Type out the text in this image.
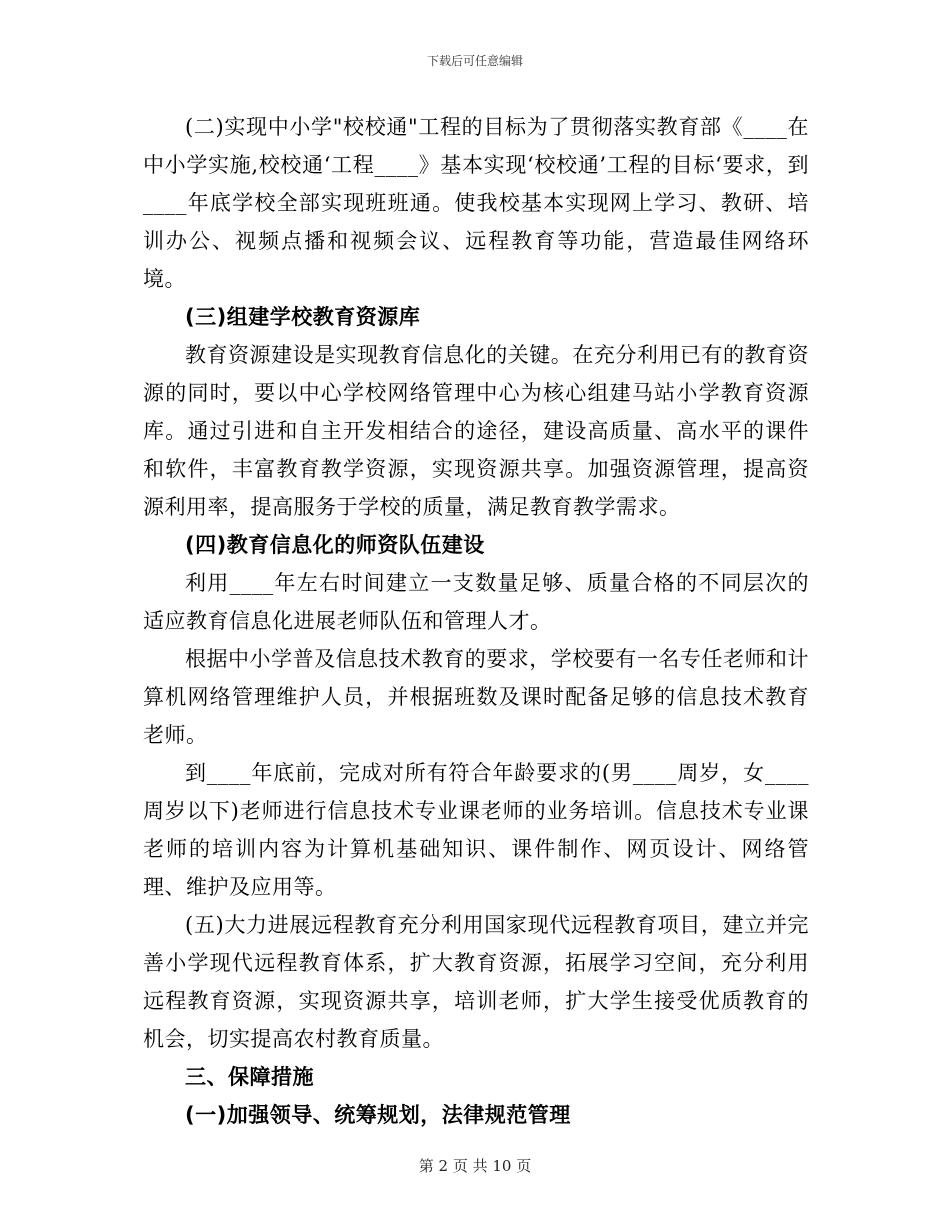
下载后可任意编辑

(二)实现中小学"校校通"工程的目标为了贯彻落实教育部《____在中小学实施,校校通‘工程____》基本实现‘校校通’工程的目标‘要求，到____年底学校全部实现班班通。使我校基本实现网上学习、教研、培训办公、视频点播和视频会议、远程教育等功能，营造最佳网络环境。

(三)组建学校教育资源库

教育资源建设是实现教育信息化的关键。在充分利用已有的教育资源的同时，要以中心学校网络管理中心为核心组建马站小学教育资源库。通过引进和自主开发相结合的途径，建设高质量、高水平的课件和软件，丰富教育教学资源，实现资源共享。加强资源管理，提高资源利用率，提高服务于学校的质量，满足教育教学需求。

(四)教育信息化的师资队伍建设

利用____年左右时间建立一支数量足够、质量合格的不同层次的适应教育信息化进展老师队伍和管理人才。

根据中小学普及信息技术教育的要求，学校要有一名专任老师和计算机网络管理维护人员，并根据班数及课时配备足够的信息技术教育老师。

到____年底前，完成对所有符合年龄要求的(男____周岁，女____周岁以下)老师进行信息技术专业课老师的业务培训。信息技术专业课老师的培训内容为计算机基础知识、课件制作、网页设计、网络管理、维护及应用等。

(五)大力进展远程教育充分利用国家现代远程教育项目，建立并完善小学现代远程教育体系，扩大教育资源，拓展学习空间，充分利用远程教育资源，实现资源共享，培训老师，扩大学生接受优质教育的机会，切实提高农村教育质量。

三、保障措施

(一)加强领导、统筹规划，法律规范管理

第 2 页 共 10 页
